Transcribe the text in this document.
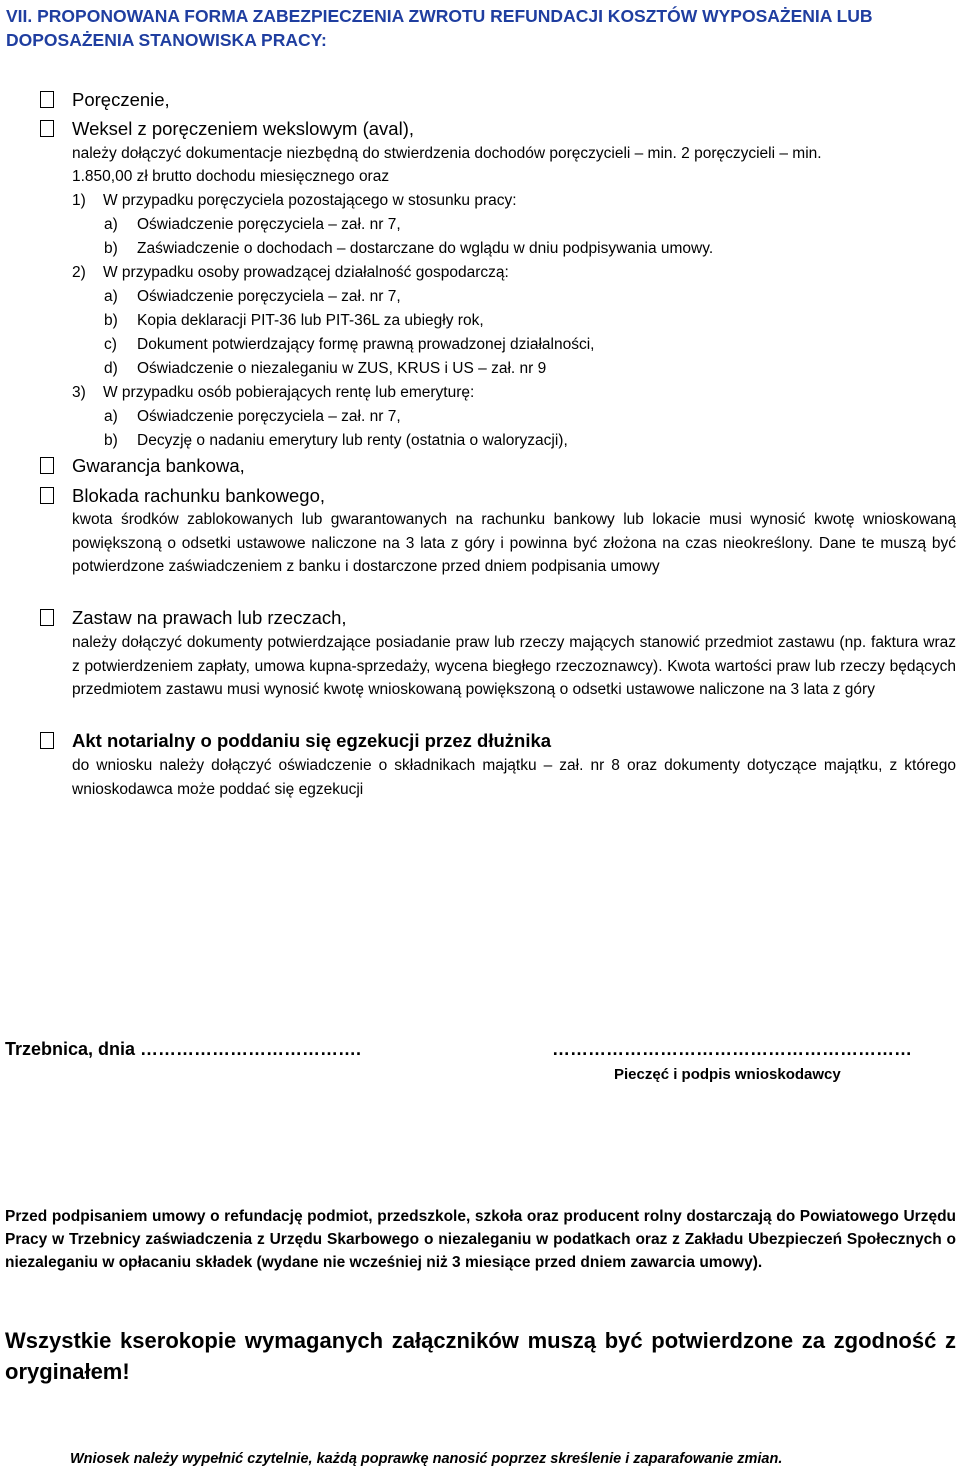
VII. PROPONOWANA FORMA ZABEZPIECZENIA ZWROTU REFUNDACJI KOSZTÓW WYPOSAŻENIA LUB DOPOSAŻENIA STANOWISKA PRACY:
Poręczenie,
Weksel z poręczeniem wekslowym (aval),
należy dołączyć dokumentacje niezbędną do stwierdzenia dochodów poręczycieli – min. 2 poręczycieli – min.
1.850,00 zł brutto dochodu miesięcznego oraz
1) W przypadku poręczyciela pozostającego w stosunku pracy:
a) Oświadczenie poręczyciela – zał. nr 7,
b) Zaświadczenie o dochodach – dostarczane do wglądu w dniu podpisywania umowy.
2) W przypadku osoby prowadzącej działalność gospodarczą:
a) Oświadczenie poręczyciela – zał. nr 7,
b) Kopia deklaracji PIT-36 lub PIT-36L za ubiegły rok,
c) Dokument potwierdzający formę prawną prowadzonej działalności,
d) Oświadczenie o niezaleganiu w ZUS, KRUS i US – zał. nr 9
3) W przypadku osób pobierających rentę lub emeryturę:
a) Oświadczenie poręczyciela – zał. nr 7,
b) Decyzję o nadaniu emerytury lub renty (ostatnia o waloryzacji),
Gwarancja bankowa,
Blokada rachunku bankowego,
kwota środków zablokowanych lub gwarantowanych na rachunku bankowy lub lokacie musi wynosić kwotę wnioskowaną powiększoną o odsetki ustawowe naliczone na 3 lata z góry i powinna być złożona na czas nieokreślony. Dane te muszą być potwierdzone zaświadczeniem z banku i dostarczone przed dniem podpisania umowy
Zastaw na prawach lub rzeczach,
należy dołączyć dokumenty potwierdzające posiadanie praw lub rzeczy mających stanowić przedmiot zastawu (np. faktura wraz z potwierdzeniem zapłaty, umowa kupna-sprzedaży, wycena biegłego rzeczoznawcy). Kwota wartości praw lub rzeczy będących przedmiotem zastawu musi wynosić kwotę wnioskowaną powiększoną o odsetki ustawowe naliczone na 3 lata z góry
Akt notarialny o poddaniu się egzekucji przez dłużnika
do wniosku należy dołączyć oświadczenie o składnikach majątku – zał. nr 8 oraz dokumenty dotyczące majątku, z którego wnioskodawca może poddać się egzekucji
Trzebnica, dnia ……………………………….	……………………………………………………
Pieczęć i podpis wnioskodawcy
Przed podpisaniem umowy o refundację podmiot, przedszkole, szkoła oraz producent rolny dostarczają do Powiatowego Urzędu Pracy w Trzebnicy zaświadczenia z Urzędu Skarbowego o niezaleganiu w podatkach oraz z Zakładu Ubezpieczeń Społecznych o niezaleganiu w opłacaniu składek (wydane nie wcześniej niż 3 miesiące przed dniem zawarcia umowy).
Wszystkie kserokopie wymaganych załączników muszą być potwierdzone za zgodność z oryginałem!
Wniosek należy wypełnić czytelnie, każdą poprawkę nanosić poprzez skreślenie i zaparafowanie zmian.
